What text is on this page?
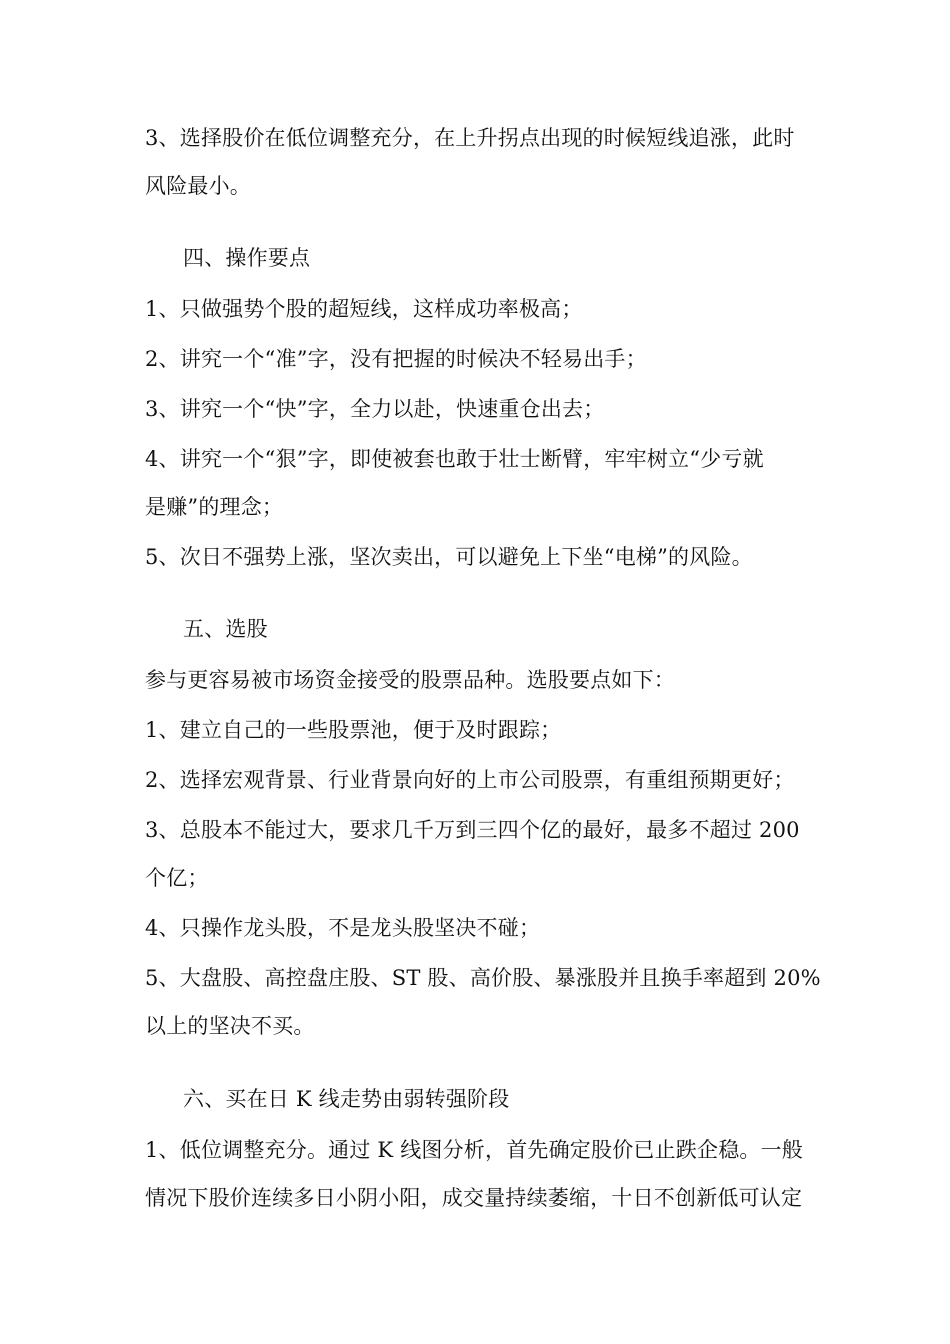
3、选择股价在低位调整充分，在上升拐点出现的时候短线追涨，此时
风险最小。
四、操作要点
1、只做强势个股的超短线，这样成功率极高；
2、讲究一个“准”字，没有把握的时候决不轻易出手；
3、讲究一个“快”字，全力以赴，快速重仓出去；
4、讲究一个“狠”字，即使被套也敢于壮士断臂，牢牢树立“少亏就
是赚”的理念；
5、次日不强势上涨，坚次卖出，可以避免上下坐“电梯”的风险。
五、选股
参与更容易被市场资金接受的股票品种。选股要点如下：
1、建立自己的一些股票池，便于及时跟踪；
2、选择宏观背景、行业背景向好的上市公司股票，有重组预期更好；
3、总股本不能过大，要求几千万到三四个亿的最好，最多不超过 200
个亿；
4、只操作龙头股，不是龙头股坚决不碰；
5、大盘股、高控盘庄股、ST 股、高价股、暴涨股并且换手率超到 20%
以上的坚决不买。
六、买在日 K 线走势由弱转强阶段
1、低位调整充分。通过 K 线图分析，首先确定股价已止跌企稳。一般
情况下股价连续多日小阴小阳，成交量持续萎缩，十日不创新低可认定
